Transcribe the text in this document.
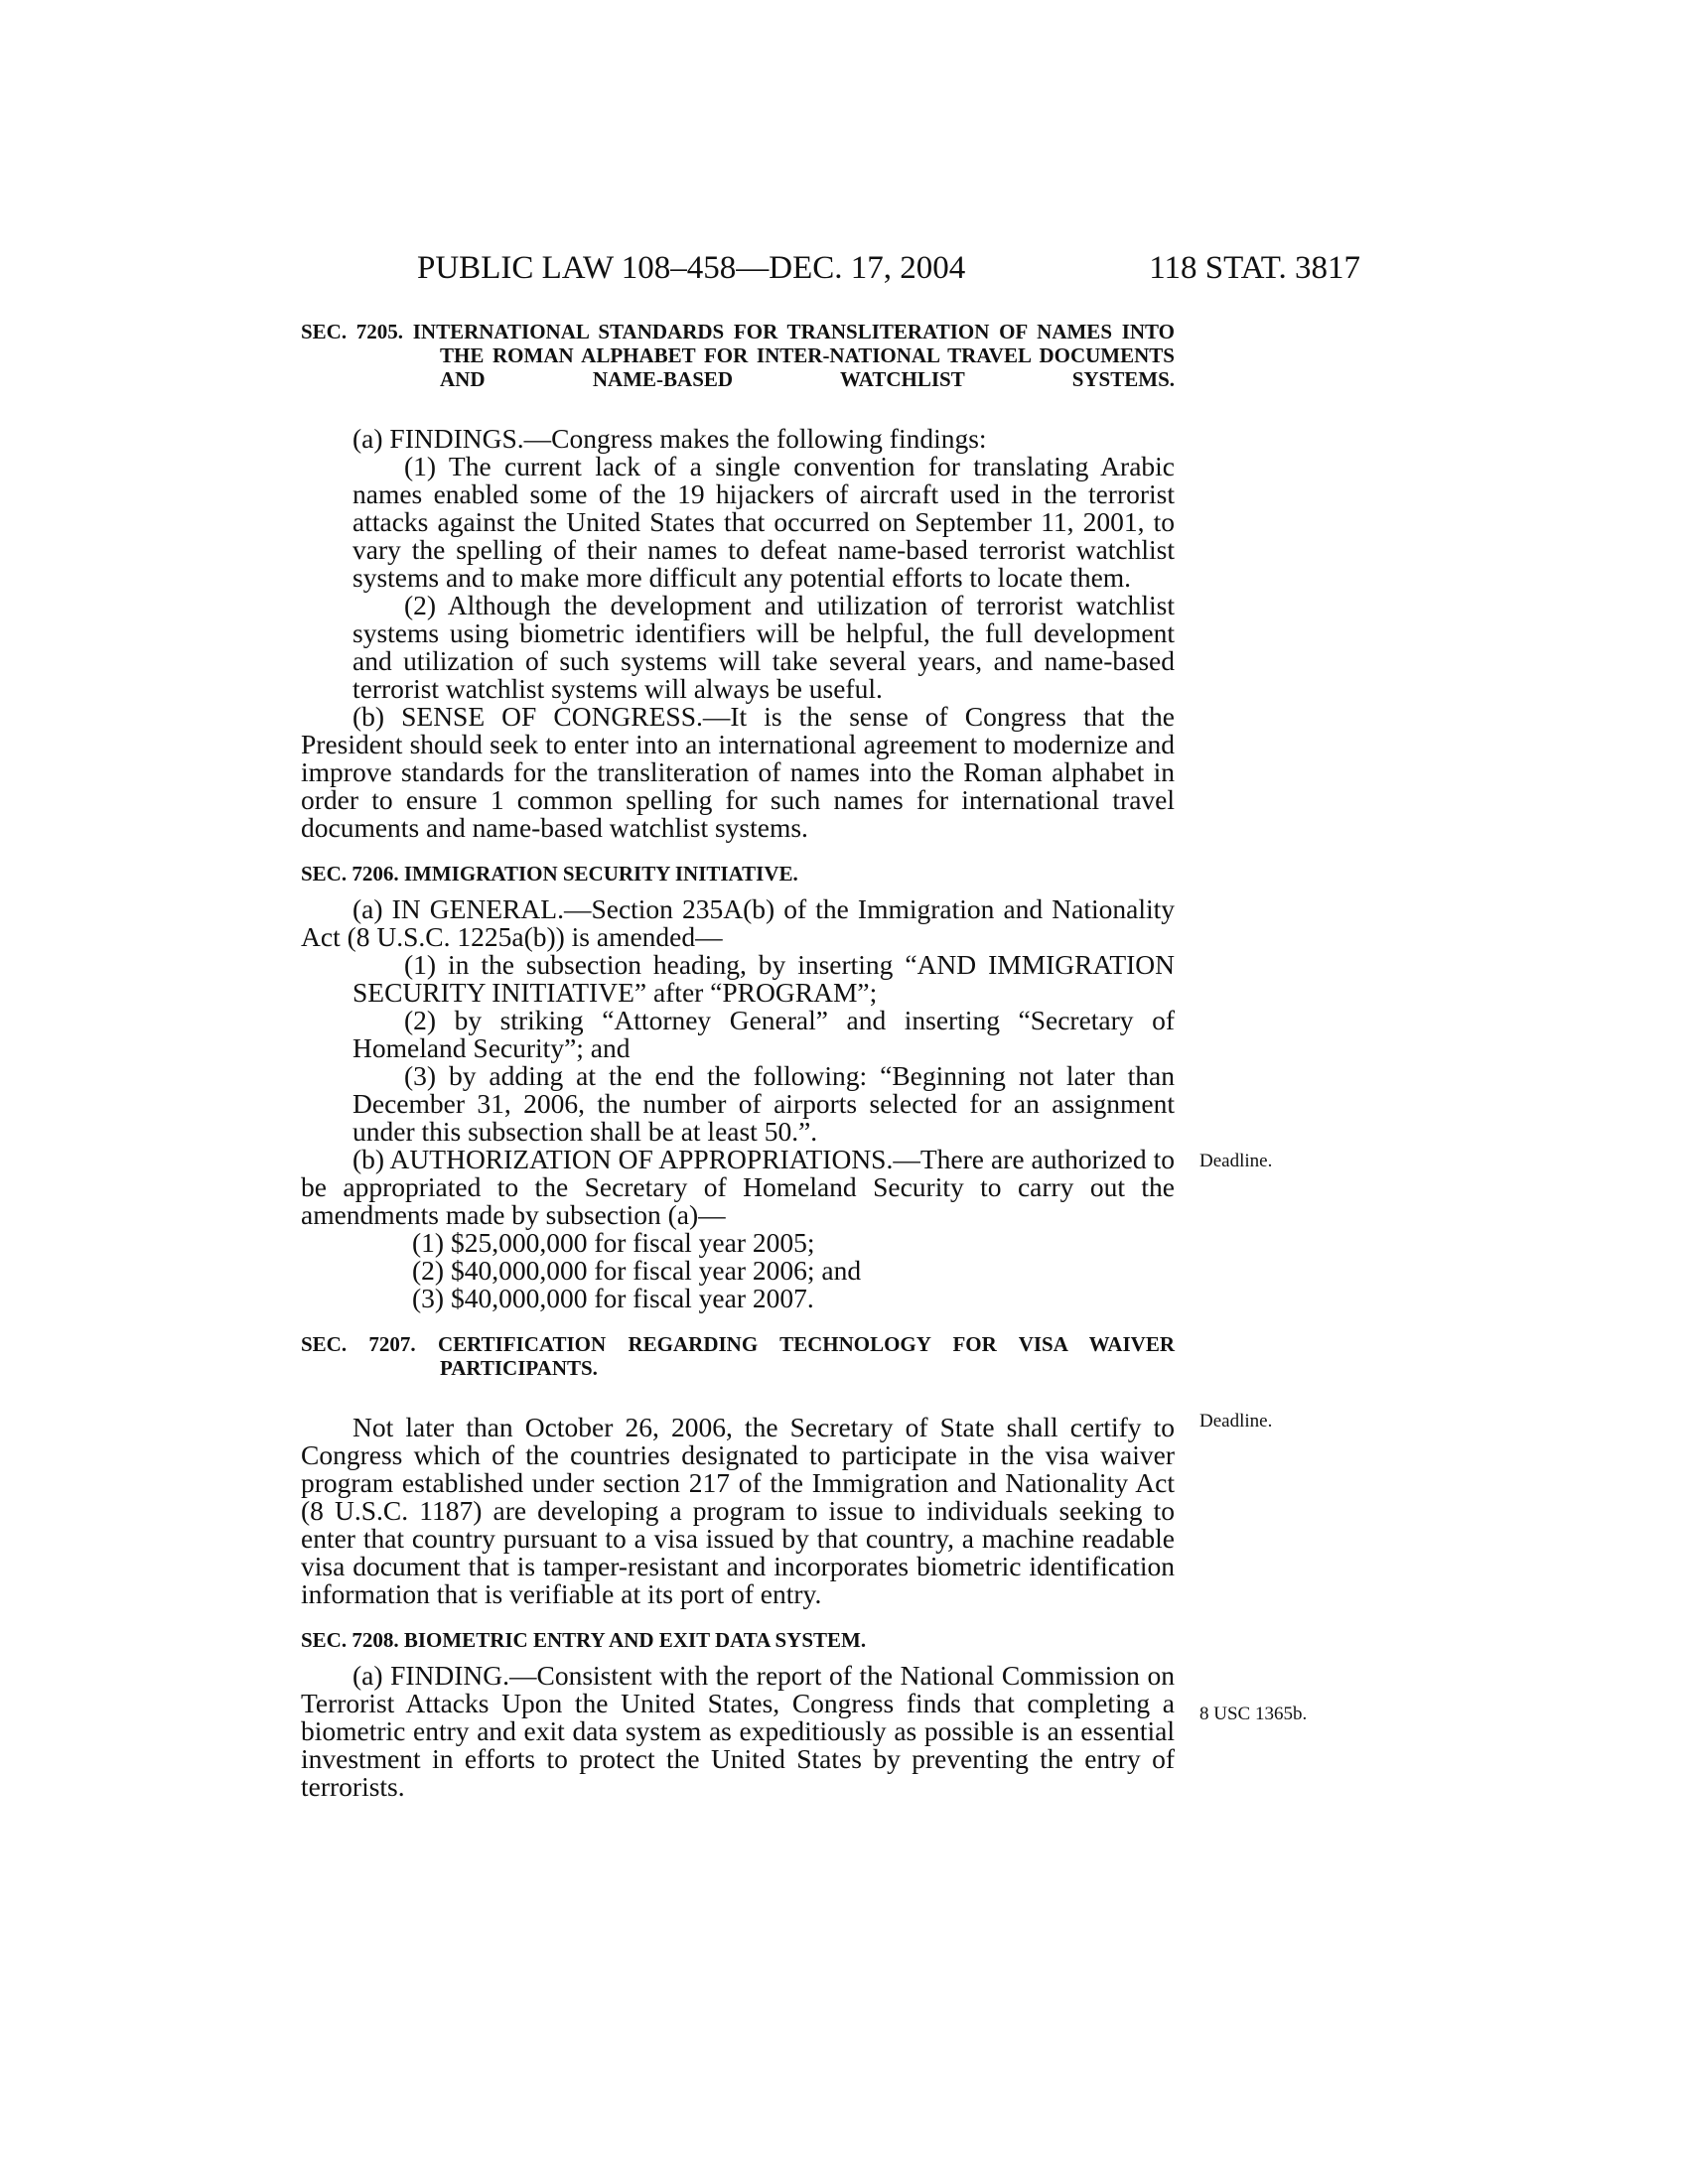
PUBLIC LAW 108–458—DEC. 17, 2004	118 STAT. 3817
SEC. 7205. INTERNATIONAL STANDARDS FOR TRANSLITERATION OF NAMES INTO THE ROMAN ALPHABET FOR INTER-NATIONAL TRAVEL DOCUMENTS AND NAME-BASED WATCHLIST SYSTEMS.

(a) FINDINGS.—Congress makes the following findings:

(1) The current lack of a single convention for translating Arabic names enabled some of the 19 hijackers of aircraft used in the terrorist attacks against the United States that occurred on September 11, 2001, to vary the spelling of their names to defeat name-based terrorist watchlist systems and to make more difficult any potential efforts to locate them.

(2) Although the development and utilization of terrorist watchlist systems using biometric identifiers will be helpful, the full development and utilization of such systems will take several years, and name-based terrorist watchlist systems will always be useful.

(b) SENSE OF CONGRESS.—It is the sense of Congress that the President should seek to enter into an international agreement to modernize and improve standards for the transliteration of names into the Roman alphabet in order to ensure 1 common spelling for such names for international travel documents and name-based watchlist systems.

SEC. 7206. IMMIGRATION SECURITY INITIATIVE.

(a) IN GENERAL.—Section 235A(b) of the Immigration and Nationality Act (8 U.S.C. 1225a(b)) is amended—

(1) in the subsection heading, by inserting “AND IMMIGRATION SECURITY INITIATIVE” after “PROGRAM”;

(2) by striking “Attorney General” and inserting “Secretary of Homeland Security”; and

(3) by adding at the end the following: “Beginning not later than December 31, 2006, the number of airports selected for an assignment under this subsection shall be at least 50.”.

(b) AUTHORIZATION OF APPROPRIATIONS.—There are authorized to be appropriated to the Secretary of Homeland Security to carry out the amendments made by subsection (a)—

(1) $25,000,000 for fiscal year 2005;

(2) $40,000,000 for fiscal year 2006; and

(3) $40,000,000 for fiscal year 2007.

SEC. 7207. CERTIFICATION REGARDING TECHNOLOGY FOR VISA WAIVER PARTICIPANTS.

Not later than October 26, 2006, the Secretary of State shall certify to Congress which of the countries designated to participate in the visa waiver program established under section 217 of the Immigration and Nationality Act (8 U.S.C. 1187) are developing a program to issue to individuals seeking to enter that country pursuant to a visa issued by that country, a machine readable visa document that is tamper-resistant and incorporates biometric identification information that is verifiable at its port of entry.

SEC. 7208. BIOMETRIC ENTRY AND EXIT DATA SYSTEM.

(a) FINDING.—Consistent with the report of the National Commission on Terrorist Attacks Upon the United States, Congress finds that completing a biometric entry and exit data system as expeditiously as possible is an essential investment in efforts to protect the United States by preventing the entry of terrorists.

Deadline.
Deadline.
8 USC 1365b.
